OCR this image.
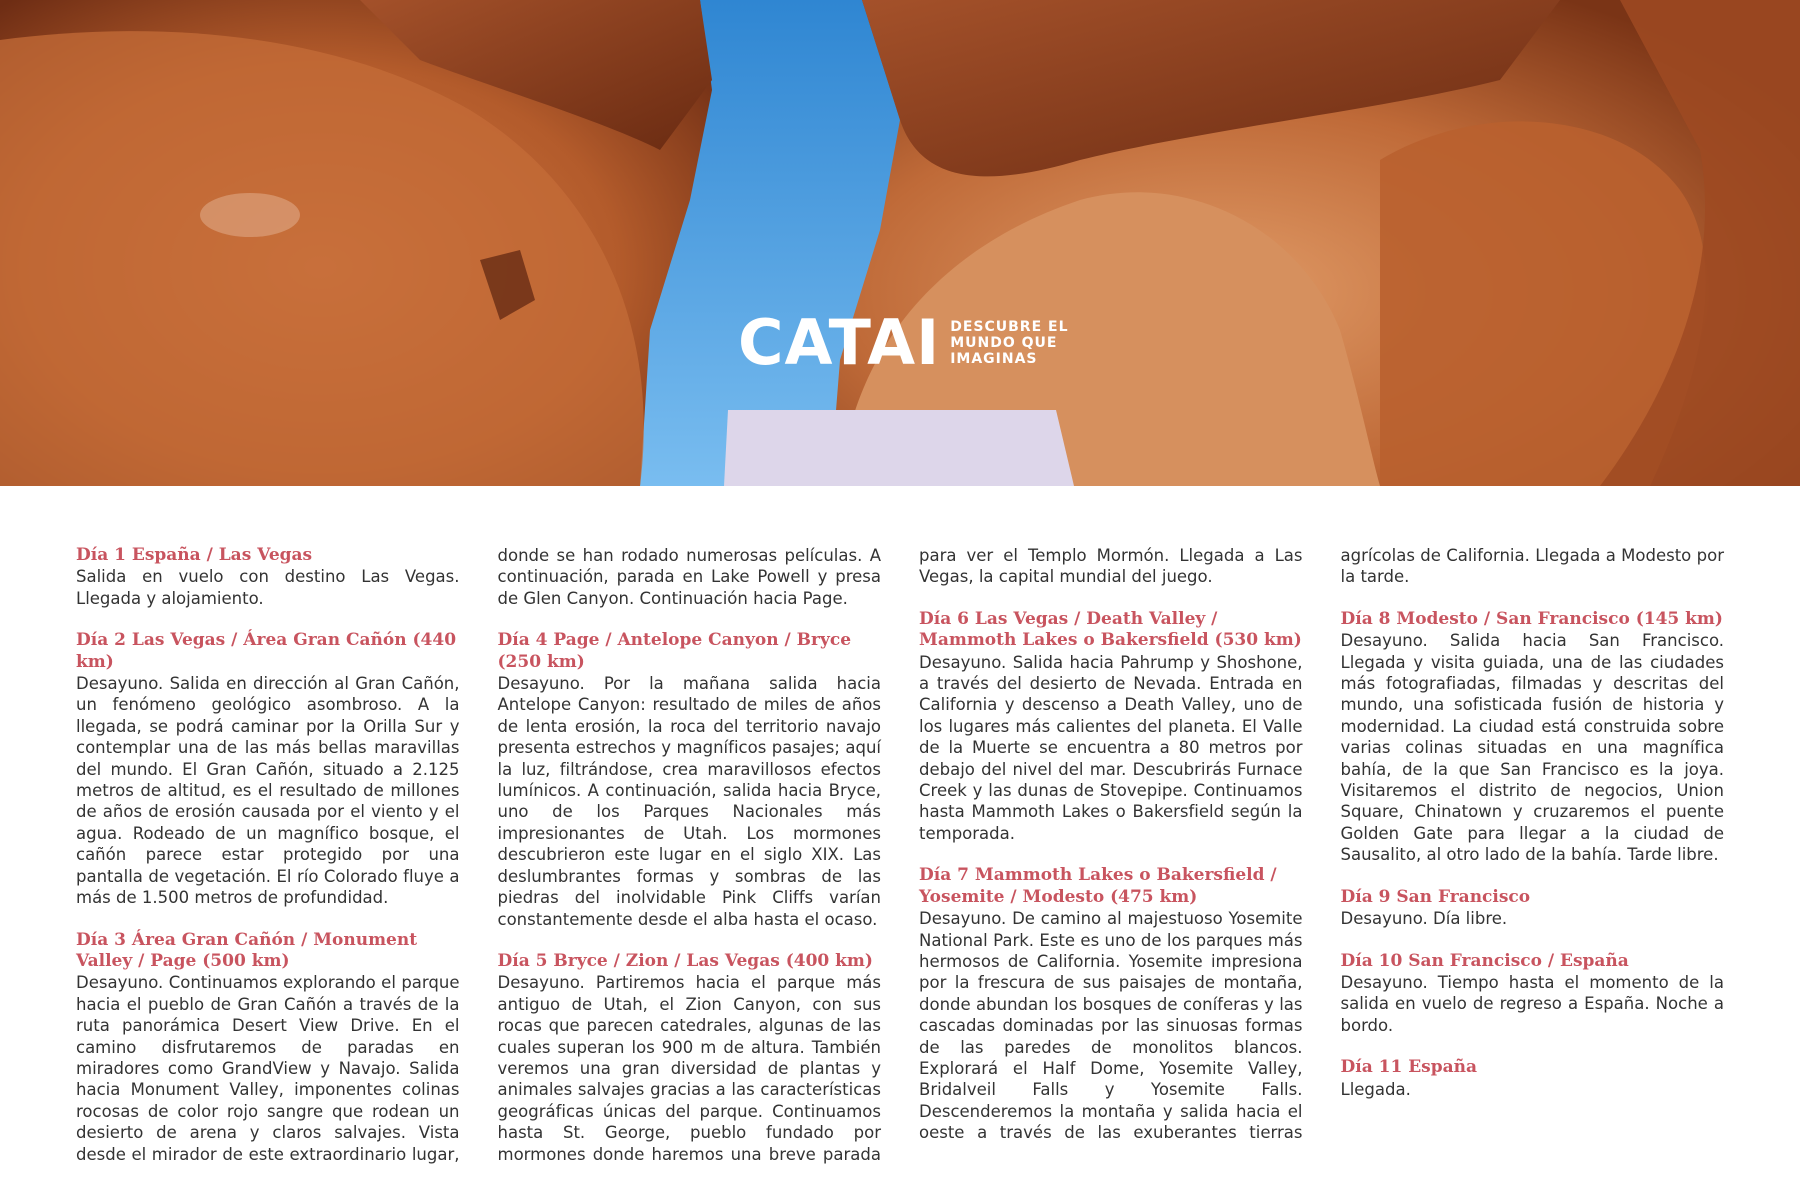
CATAI DESCUBRE EL
MUNDO QUE
IMAGINAS
Día 1 España / Las Vegas

Salida en vuelo con destino Las Vegas. Llegada y alojamiento.

Día 2 Las Vegas / Área Gran Cañón (440 km)

Desayuno. Salida en dirección al Gran Cañón, un fenómeno geológico asombroso. A la llegada, se podrá caminar por la Orilla Sur y contemplar una de las más bellas maravillas del mundo. El Gran Cañón, situado a 2.125 metros de altitud, es el resultado de millones de años de erosión causada por el viento y el agua. Rodeado de un magnífico bosque, el cañón parece estar protegido por una pantalla de vegetación. El río Colorado fluye a más de 1.500 metros de profundidad.

Día 3 Área Gran Cañón / Monument Valley / Page (500 km)

Desayuno. Continuamos explorando el parque hacia el pueblo de Gran Cañón a través de la ruta panorámica Desert View Drive. En el camino disfrutaremos de paradas en miradores como GrandView y Navajo. Salida hacia Monument Valley, imponentes colinas rocosas de color rojo sangre que rodean un desierto de arena y claros salvajes. Vista desde el mirador de este extraordinario lugar, donde se han rodado numerosas películas. A continuación, parada en Lake Powell y presa de Glen Canyon. Continuación hacia Page.

Día 4 Page / Antelope Canyon / Bryce (250 km)

Desayuno. Por la mañana salida hacia Antelope Canyon: resultado de miles de años de lenta erosión, la roca del territorio navajo presenta estrechos y magníficos pasajes; aquí la luz, filtrándose, crea maravillosos efectos lumínicos. A continuación, salida hacia Bryce, uno de los Parques Nacionales más impresionantes de Utah. Los mormones descubrieron este lugar en el siglo XIX. Las deslumbrantes formas y sombras de las piedras del inolvidable Pink Cliffs varían constantemente desde el alba hasta el ocaso.

Día 5 Bryce / Zion / Las Vegas (400 km)

Desayuno. Partiremos hacia el parque más antiguo de Utah, el Zion Canyon, con sus rocas que parecen catedrales, algunas de las cuales superan los 900 m de altura. También veremos una gran diversidad de plantas y animales salvajes gracias a las características geográficas únicas del parque. Continuamos hasta St. George, pueblo fundado por mormones donde haremos una breve parada para ver el Templo Mormón. Llegada a Las Vegas, la capital mundial del juego.

Día 6 Las Vegas / Death Valley / Mammoth Lakes o Bakersfield (530 km)

Desayuno. Salida hacia Pahrump y Shoshone, a través del desierto de Nevada. Entrada en California y descenso a Death Valley, uno de los lugares más calientes del planeta. El Valle de la Muerte se encuentra a 80 metros por debajo del nivel del mar. Descubrirás Furnace Creek y las dunas de Stovepipe. Continuamos hasta Mammoth Lakes o Bakersfield según la temporada.

Día 7 Mammoth Lakes o Bakersfield / Yosemite / Modesto (475 km)

Desayuno. De camino al majestuoso Yosemite National Park. Este es uno de los parques más hermosos de California. Yosemite impresiona por la frescura de sus paisajes de montaña, donde abundan los bosques de coníferas y las cascadas dominadas por las sinuosas formas de las paredes de monolitos blancos. Explorará el Half Dome, Yosemite Valley, Bridalveil Falls y Yosemite Falls. Descenderemos la montaña y salida hacia el oeste a través de las exuberantes tierras agrícolas de California. Llegada a Modesto por la tarde.

Día 8 Modesto / San Francisco (145 km)

Desayuno. Salida hacia San Francisco. Llegada y visita guiada, una de las ciudades más fotografiadas, filmadas y descritas del mundo, una sofisticada fusión de historia y modernidad. La ciudad está construida sobre varias colinas situadas en una magnífica bahía, de la que San Francisco es la joya. Visitaremos el distrito de negocios, Union Square, Chinatown y cruzaremos el puente Golden Gate para llegar a la ciudad de Sausalito, al otro lado de la bahía. Tarde libre.

Día 9 San Francisco

Desayuno. Día libre.

Día 10 San Francisco / España

Desayuno. Tiempo hasta el momento de la salida en vuelo de regreso a España. Noche a bordo.

Día 11 España

Llegada.
